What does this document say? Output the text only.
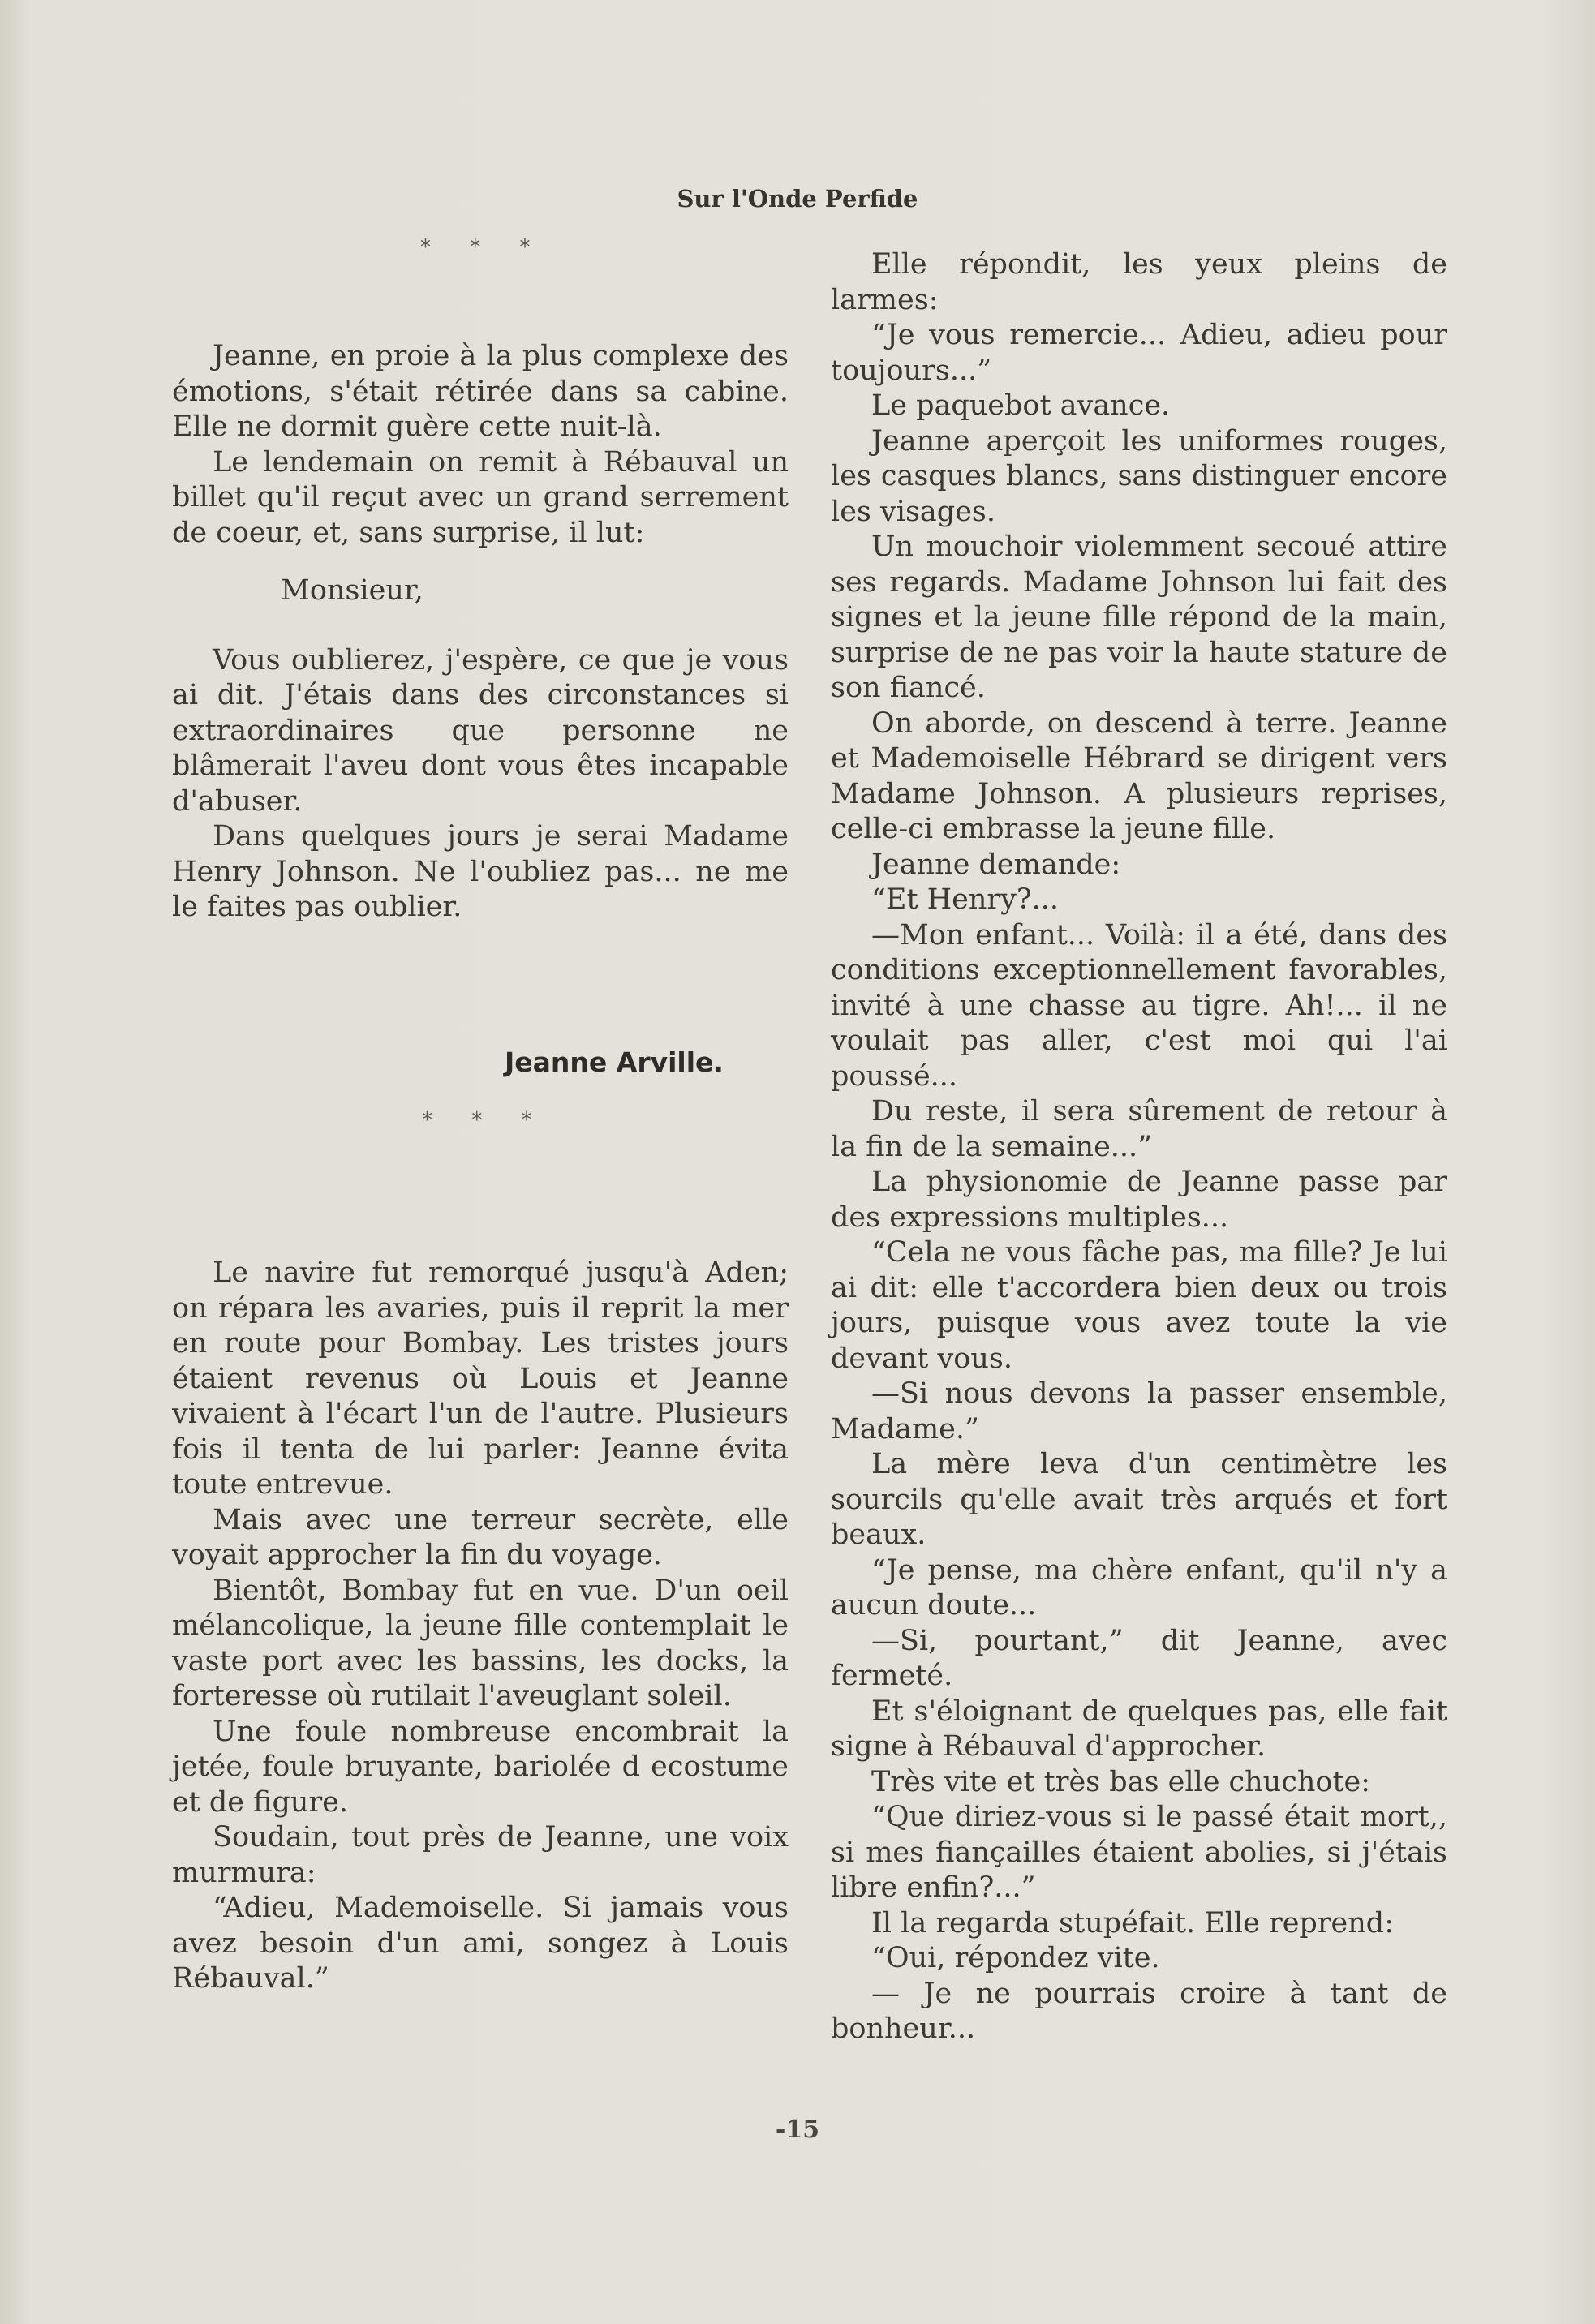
Sur l'Onde Perfide
* * *

Jeanne, en proie à la plus complexe des émotions, s'était rétirée dans sa cabine. Elle ne dormit guère cette nuit-là.

Le lendemain on remit à Rébauval un billet qu'il reçut avec un grand serrement de coeur, et, sans surprise, il lut:

Monsieur,

Vous oublierez, j'espère, ce que je vous ai dit. J'étais dans des circonstances si extraordinaires que personne ne blâmerait l'aveu dont vous êtes incapable d'abuser.

Dans quelques jours je serai Madame Henry Johnson. Ne l'oubliez pas... ne me le faites pas oublier.

Jeanne Arville.
* * *

Le navire fut remorqué jusqu'à Aden; on répara les avaries, puis il reprit la mer en route pour Bombay. Les tristes jours étaient revenus où Louis et Jeanne vivaient à l'écart l'un de l'autre. Plusieurs fois il tenta de lui parler: Jeanne évita toute entrevue.

Mais avec une terreur secrète, elle voyait approcher la fin du voyage.

Bientôt, Bombay fut en vue. D'un oeil mélancolique, la jeune fille contemplait le vaste port avec les bassins, les docks, la forteresse où rutilait l'aveuglant soleil.

Une foule nombreuse encombrait la jetée, foule bruyante, bariolée d ecostume et de figure.

Soudain, tout près de Jeanne, une voix murmura:

“Adieu, Mademoiselle. Si jamais vous avez besoin d'un ami, songez à Louis Rébauval.”

Elle répondit, les yeux pleins de larmes:

“Je vous remercie... Adieu, adieu pour toujours...”

Le paquebot avance.

Jeanne aperçoit les uniformes rouges, les casques blancs, sans distinguer encore les visages.

Un mouchoir violemment secoué attire ses regards. Madame Johnson lui fait des signes et la jeune fille répond de la main, surprise de ne pas voir la haute stature de son fiancé.

On aborde, on descend à terre. Jeanne et Mademoiselle Hébrard se dirigent vers Madame Johnson. A plusieurs reprises, celle-ci embrasse la jeune fille.

Jeanne demande:

“Et Henry?...

—Mon enfant... Voilà: il a été, dans des conditions exceptionnellement favorables, invité à une chasse au tigre. Ah!... il ne voulait pas aller, c'est moi qui l'ai poussé...

Du reste, il sera sûrement de retour à la fin de la semaine...”

La physionomie de Jeanne passe par des expressions multiples...

“Cela ne vous fâche pas, ma fille? Je lui ai dit: elle t'accordera bien deux ou trois jours, puisque vous avez toute la vie devant vous.

—Si nous devons la passer ensemble, Madame.”

La mère leva d'un centimètre les sourcils qu'elle avait très arqués et fort beaux.

“Je pense, ma chère enfant, qu'il n'y a aucun doute...

—Si, pourtant,” dit Jeanne, avec fermeté.

Et s'éloignant de quelques pas, elle fait signe à Rébauval d'approcher.

Très vite et très bas elle chuchote:

“Que diriez-vous si le passé était mort,, si mes fiançailles étaient abolies, si j'étais libre enfin?...”

Il la regarda stupéfait. Elle reprend:

“Oui, répondez vite.

— Je ne pourrais croire à tant de bonheur...

-15
